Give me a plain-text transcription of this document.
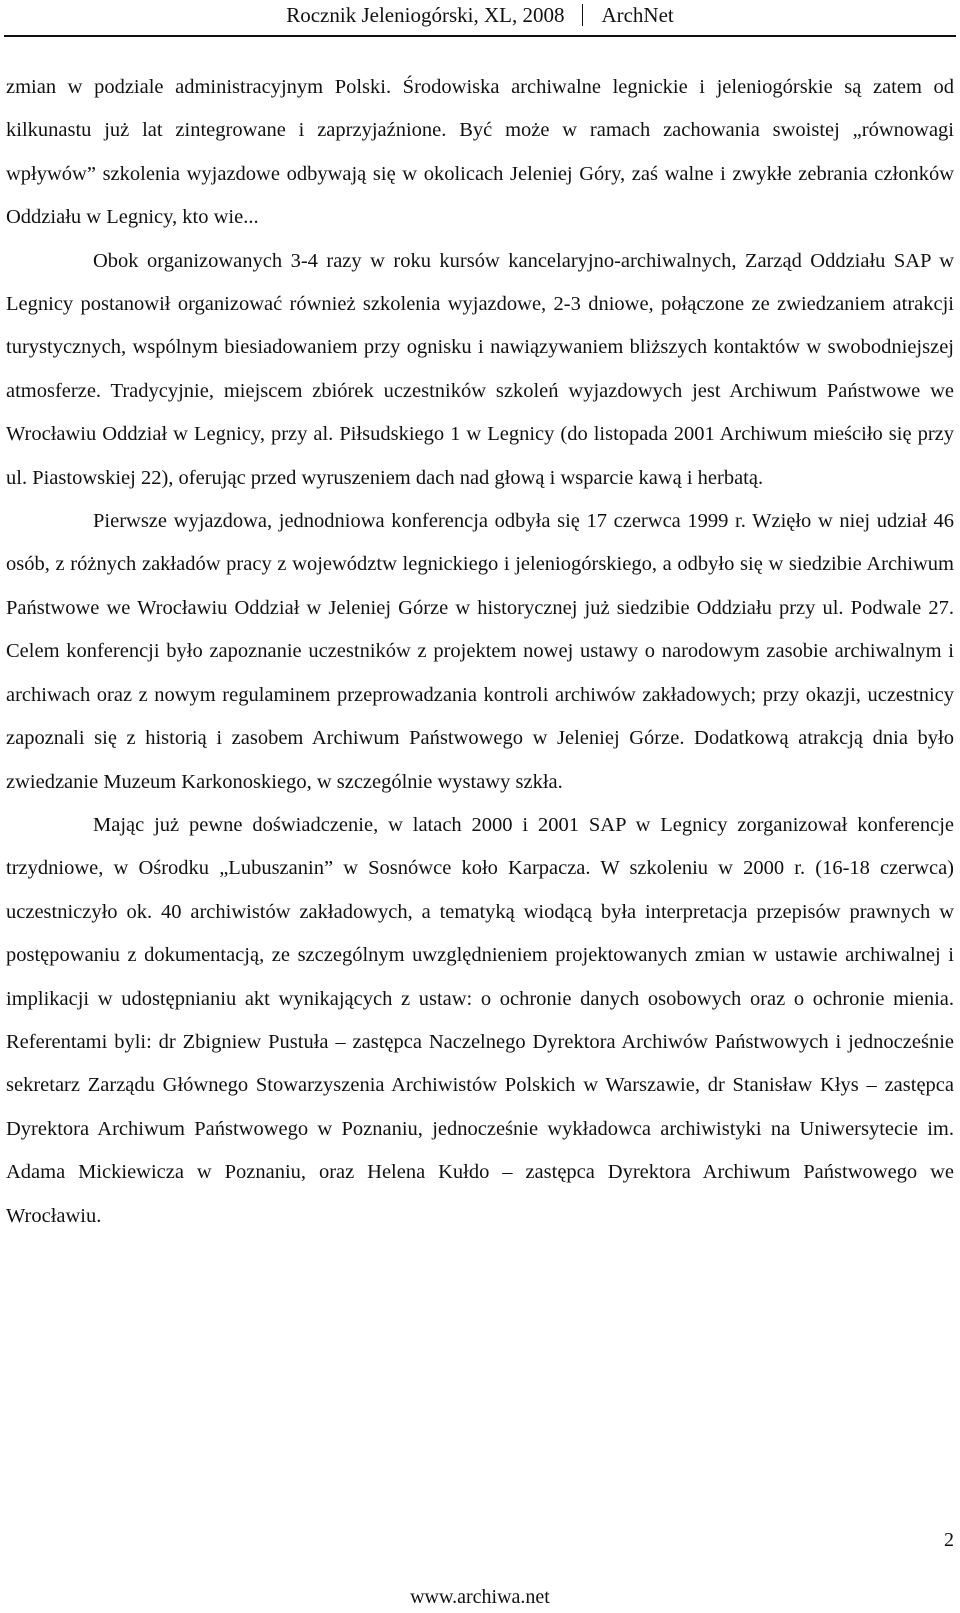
Rocznik Jeleniogórski, XL, 2008 ArchNet

zmian w podziale administracyjnym Polski. Środowiska archiwalne legnickie i jeleniogórskie są zatem od kilkunastu już lat zintegrowane i zaprzyjaźnione. Być może w ramach zachowania swoistej „równowagi wpływów” szkolenia wyjazdowe odbywają się w okolicach Jeleniej Góry, zaś walne i zwykłe zebrania członków Oddziału w Legnicy, kto wie...

Obok organizowanych 3-4 razy w roku kursów kancelaryjno-archiwalnych, Zarząd Oddziału SAP w Legnicy postanowił organizować również szkolenia wyjazdowe, 2-3 dniowe, połączone ze zwiedzaniem atrakcji turystycznych, wspólnym biesiadowaniem przy ognisku i nawiązywaniem bliższych kontaktów w swobodniejszej atmosferze. Tradycyjnie, miejscem zbiórek uczestników szkoleń wyjazdowych jest Archiwum Państwowe we Wrocławiu Oddział w Legnicy, przy al. Piłsudskiego 1 w Legnicy (do listopada 2001 Archiwum mieściło się przy ul. Piastowskiej 22), oferując przed wyruszeniem dach nad głową i wsparcie kawą i herbatą.

Pierwsze wyjazdowa, jednodniowa konferencja odbyła się 17 czerwca 1999 r. Wzięło w niej udział 46 osób, z różnych zakładów pracy z województw legnickiego i jeleniogórskiego, a odbyło się w siedzibie Archiwum Państwowe we Wrocławiu Oddział w Jeleniej Górze w historycznej już siedzibie Oddziału przy ul. Podwale 27. Celem konferencji było zapoznanie uczestników z projektem nowej ustawy o narodowym zasobie archiwalnym i archiwach oraz z nowym regulaminem przeprowadzania kontroli archiwów zakładowych; przy okazji, uczestnicy zapoznali się z historią i zasobem Archiwum Państwowego w Jeleniej Górze. Dodatkową atrakcją dnia było zwiedzanie Muzeum Karkonoskiego, w szczególnie wystawy szkła.

Mając już pewne doświadczenie, w latach 2000 i 2001 SAP w Legnicy zorganizował konferencje trzydniowe, w Ośrodku „Lubuszanin” w Sosnówce koło Karpacza. W szkoleniu w 2000 r. (16-18 czerwca) uczestniczyło ok. 40 archiwistów zakładowych, a tematyką wiodącą była interpretacja przepisów prawnych w postępowaniu z dokumentacją, ze szczególnym uwzględnieniem projektowanych zmian w ustawie archiwalnej i implikacji w udostępnianiu akt wynikających z ustaw: o ochronie danych osobowych oraz o ochronie mienia. Referentami byli: dr Zbigniew Pustuła – zastępca Naczelnego Dyrektora Archiwów Państwowych i jednocześnie sekretarz Zarządu Głównego Stowarzyszenia Archiwistów Polskich w Warszawie, dr Stanisław Kłys – zastępca Dyrektora Archiwum Państwowego w Poznaniu, jednocześnie wykładowca archiwistyki na Uniwersytecie im. Adama Mickiewicza w Poznaniu, oraz Helena Kułdo – zastępca Dyrektora Archiwum Państwowego we Wrocławiu.

2
www.archiwa.net
